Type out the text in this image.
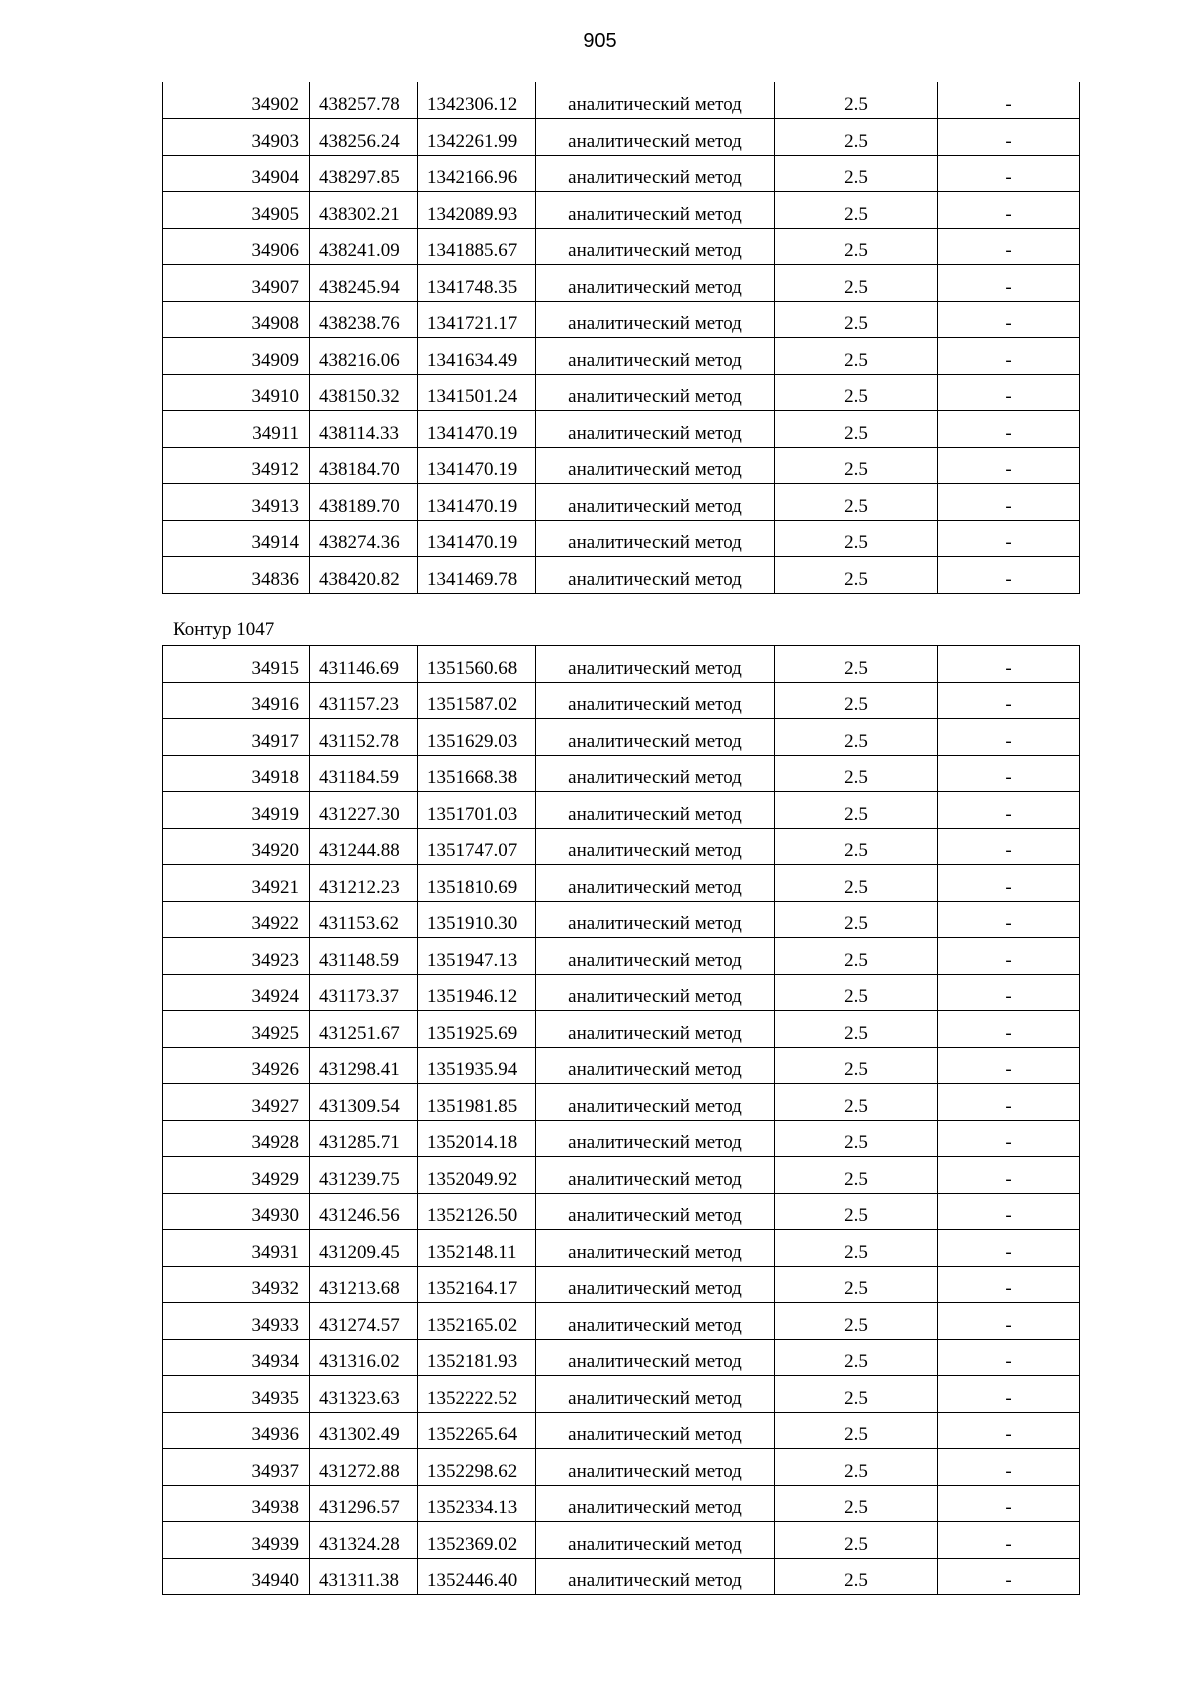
905
34902	438257.78	1342306.12	аналитический метод	2.5	-
34903	438256.24	1342261.99	аналитический метод	2.5	-
34904	438297.85	1342166.96	аналитический метод	2.5	-
34905	438302.21	1342089.93	аналитический метод	2.5	-
34906	438241.09	1341885.67	аналитический метод	2.5	-
34907	438245.94	1341748.35	аналитический метод	2.5	-
34908	438238.76	1341721.17	аналитический метод	2.5	-
34909	438216.06	1341634.49	аналитический метод	2.5	-
34910	438150.32	1341501.24	аналитический метод	2.5	-
34911	438114.33	1341470.19	аналитический метод	2.5	-
34912	438184.70	1341470.19	аналитический метод	2.5	-
34913	438189.70	1341470.19	аналитический метод	2.5	-
34914	438274.36	1341470.19	аналитический метод	2.5	-
34836	438420.82	1341469.78	аналитический метод	2.5	-
Контур 1047
34915	431146.69	1351560.68	аналитический метод	2.5	-
34916	431157.23	1351587.02	аналитический метод	2.5	-
34917	431152.78	1351629.03	аналитический метод	2.5	-
34918	431184.59	1351668.38	аналитический метод	2.5	-
34919	431227.30	1351701.03	аналитический метод	2.5	-
34920	431244.88	1351747.07	аналитический метод	2.5	-
34921	431212.23	1351810.69	аналитический метод	2.5	-
34922	431153.62	1351910.30	аналитический метод	2.5	-
34923	431148.59	1351947.13	аналитический метод	2.5	-
34924	431173.37	1351946.12	аналитический метод	2.5	-
34925	431251.67	1351925.69	аналитический метод	2.5	-
34926	431298.41	1351935.94	аналитический метод	2.5	-
34927	431309.54	1351981.85	аналитический метод	2.5	-
34928	431285.71	1352014.18	аналитический метод	2.5	-
34929	431239.75	1352049.92	аналитический метод	2.5	-
34930	431246.56	1352126.50	аналитический метод	2.5	-
34931	431209.45	1352148.11	аналитический метод	2.5	-
34932	431213.68	1352164.17	аналитический метод	2.5	-
34933	431274.57	1352165.02	аналитический метод	2.5	-
34934	431316.02	1352181.93	аналитический метод	2.5	-
34935	431323.63	1352222.52	аналитический метод	2.5	-
34936	431302.49	1352265.64	аналитический метод	2.5	-
34937	431272.88	1352298.62	аналитический метод	2.5	-
34938	431296.57	1352334.13	аналитический метод	2.5	-
34939	431324.28	1352369.02	аналитический метод	2.5	-
34940	431311.38	1352446.40	аналитический метод	2.5	-
